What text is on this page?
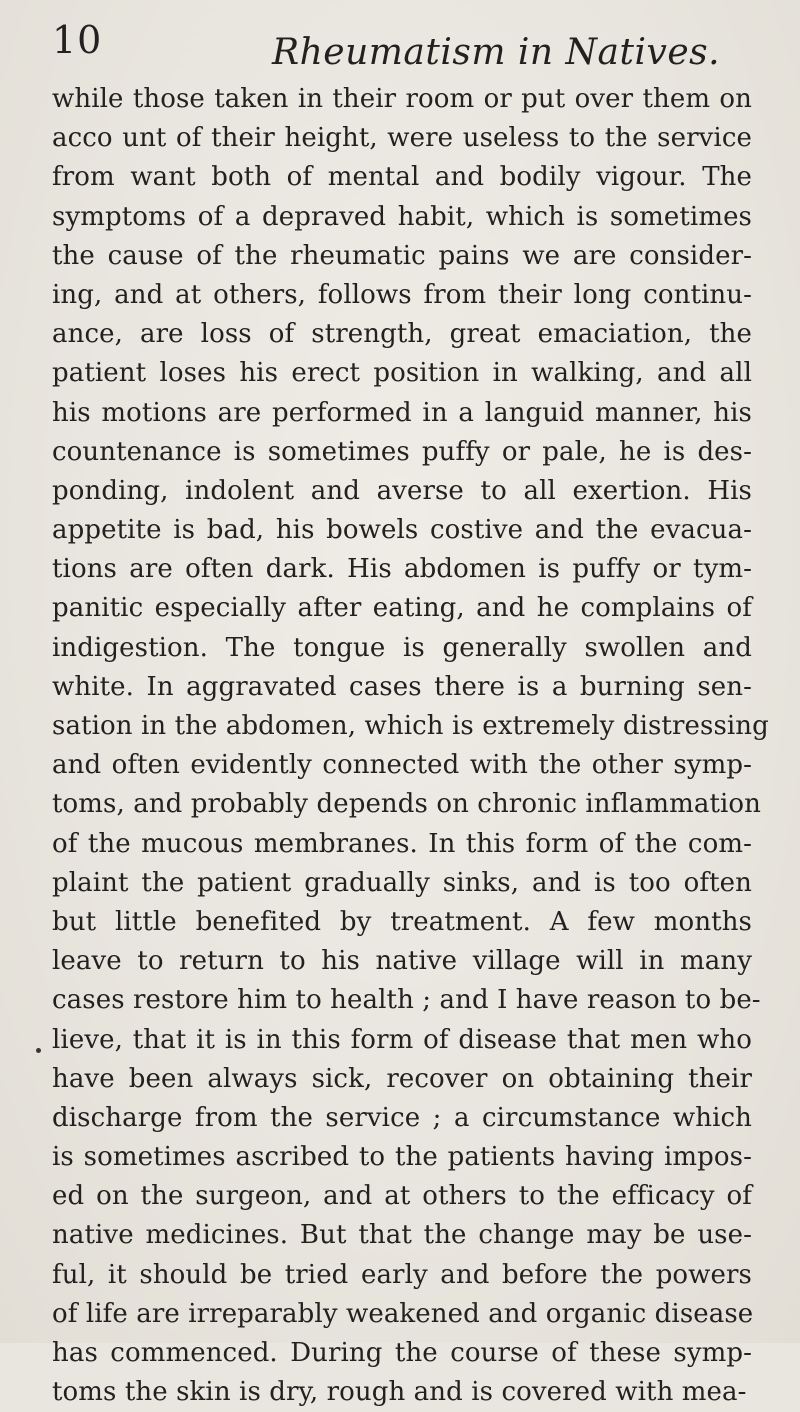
10	Rheumatism in Natives.
while those taken in their room or put over them on
acco unt of their height, were useless to the service
from want both of mental and bodily vigour. The
symptoms of a depraved habit, which is sometimes
the cause of the rheumatic pains we are consider-
ing, and at others, follows from their long continu-
ance, are loss of strength, great emaciation, the
patient loses his erect position in walking, and all
his motions are performed in a languid manner, his
countenance is sometimes puffy or pale, he is des-
ponding, indolent and averse to all exertion. His
appetite is bad, his bowels costive and the evacua-
tions are often dark. His abdomen is puffy or tym-
panitic especially after eating, and he complains of
indigestion. The tongue is generally swollen and
white. In aggravated cases there is a burning sen-
sation in the abdomen, which is extremely distressing
and often evidently connected with the other symp-
toms, and probably depends on chronic inflammation
of the mucous membranes. In this form of the com-
plaint the patient gradually sinks, and is too often
but little benefited by treatment. A few months
leave to return to his native village will in many
cases restore him to health ; and I have reason to be-
lieve, that it is in this form of disease that men who
have been always sick, recover on obtaining their
discharge from the service ; a circumstance which
is sometimes ascribed to the patients having impos-
ed on the surgeon, and at others to the efficacy of
native medicines. But that the change may be use-
ful, it should be tried early and before the powers
of life are irreparably weakened and organic disease
has commenced. During the course of these symp-
toms the skin is dry, rough and is covered with mea-
